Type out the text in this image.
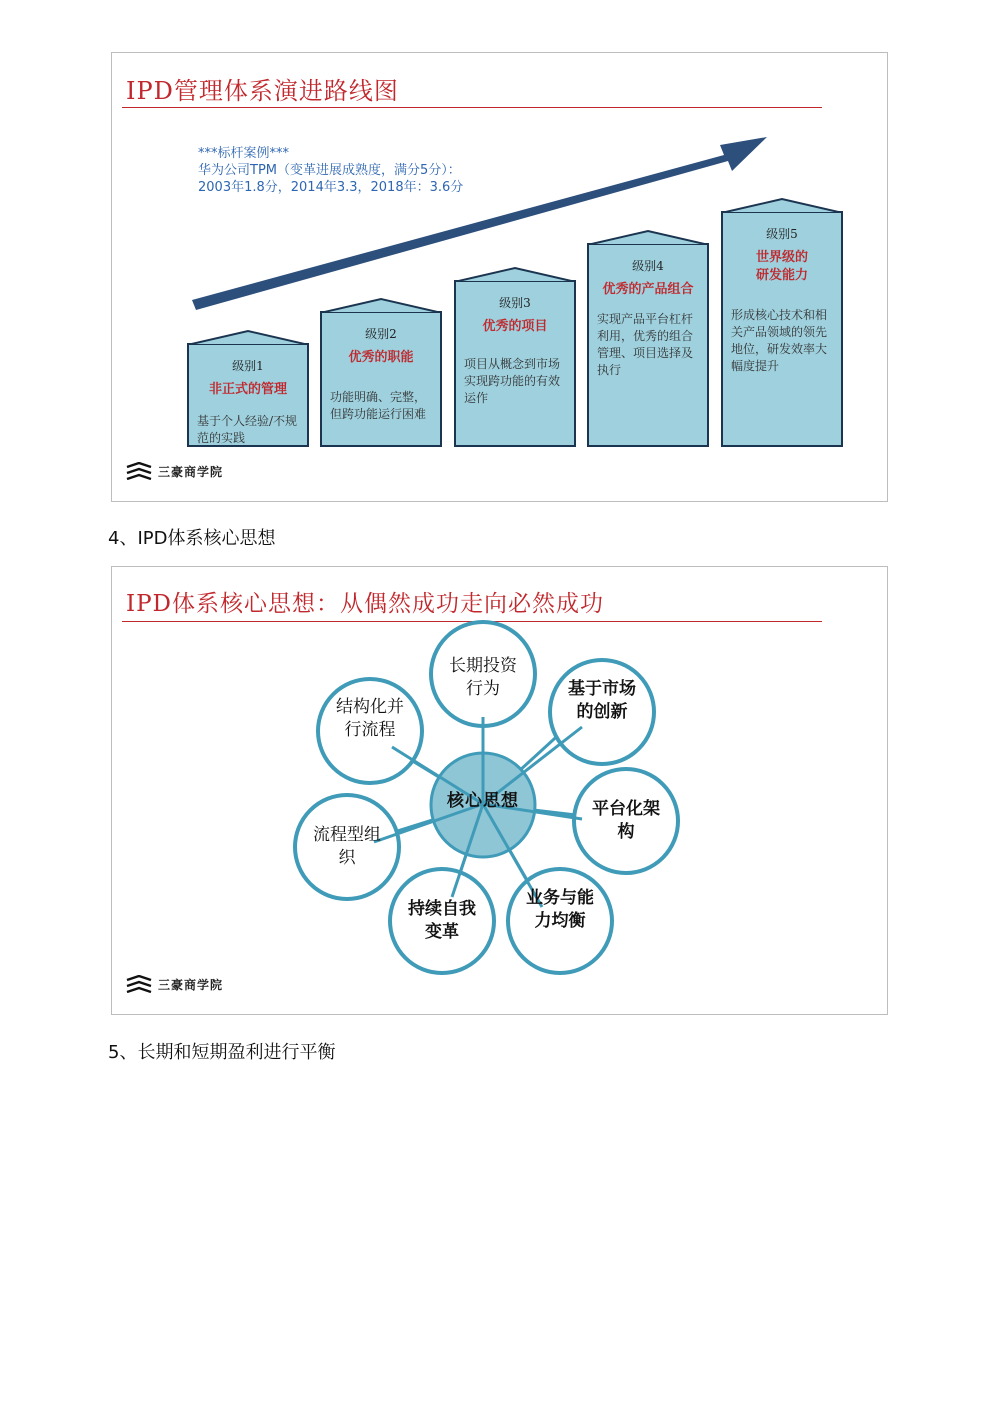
IPD管理体系演进路线图
***标杆案例***
华为公司TPM（变革进展成熟度，满分5分）：
2003年1.8分，2014年3.3，2018年：3.6分
级别1
非正式的管理
基于个人经验/不规范的实践
级别2
优秀的职能
功能明确、完整，但跨功能运行困难
级别3
优秀的项目
项目从概念到市场实现跨功能的有效运作
级别4
优秀的产品组合
实现产品平台杠杆利用，优秀的组合管理、项目选择及执行
级别5
世界级的研发能力
形成核心技术和相关产品领域的领先地位，研发效率大幅度提升
三豪商学院
4、IPD体系核心思想
IPD体系核心思想：从偶然成功走向必然成功
核心思想
长期投资行为	基于市场的创新
平台化架构
业务与能力均衡
持续自我变革
流程型组织
结构化并行流程
三豪商学院
5、长期和短期盈利进行平衡
